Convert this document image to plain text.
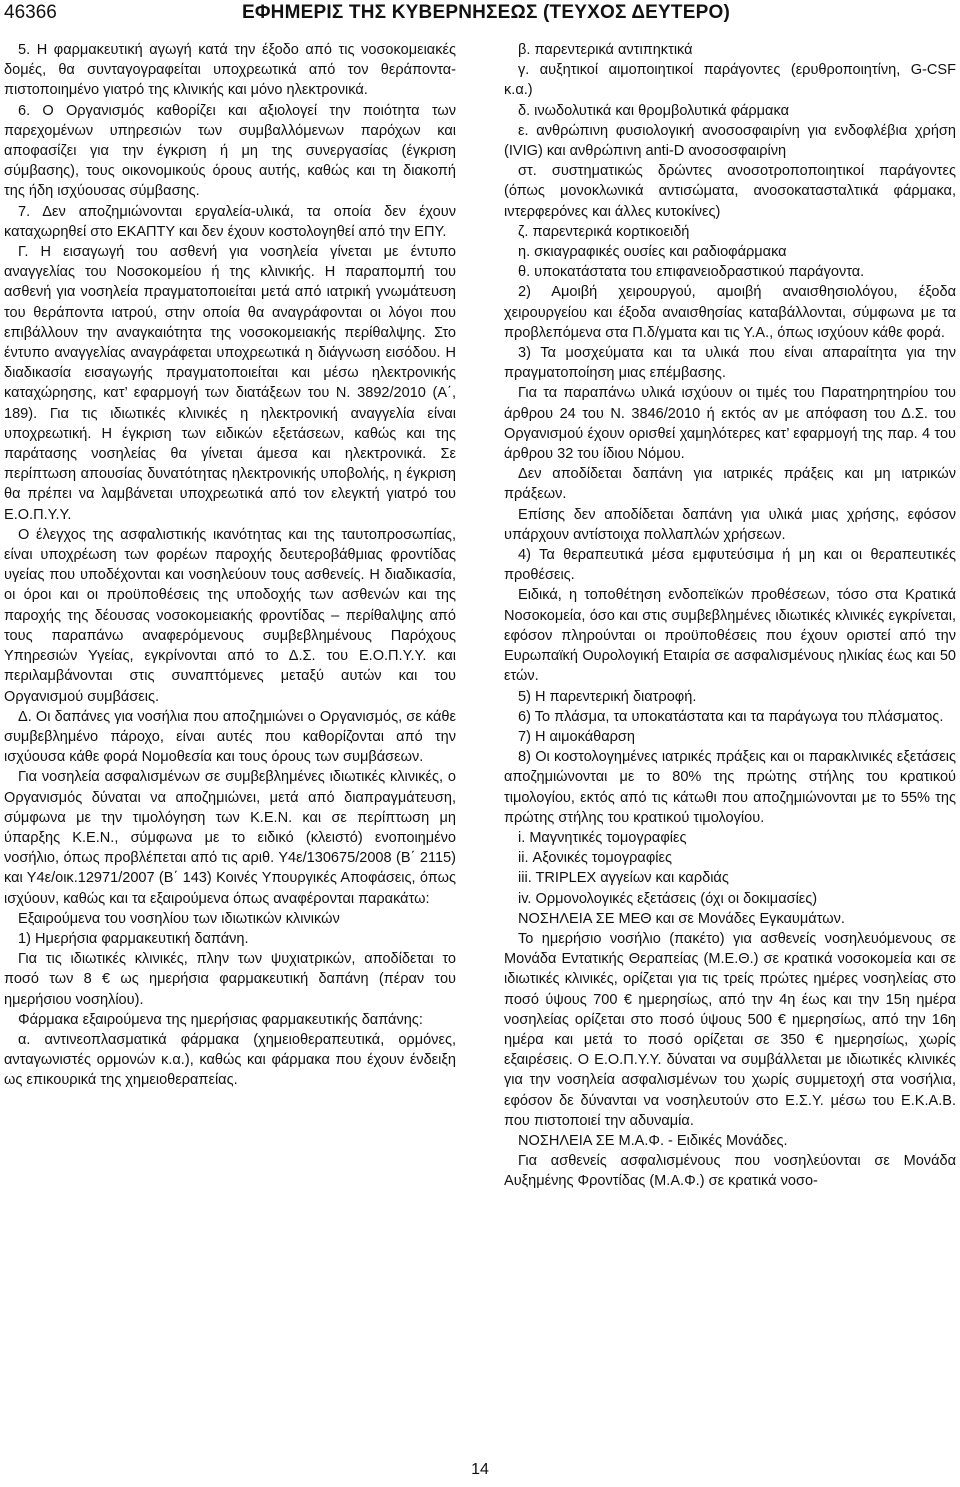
46366	ΕΦΗΜΕΡΙΣ ΤΗΣ ΚΥΒΕΡΝΗΣΕΩΣ (ΤΕΥΧΟΣ ΔΕΥΤΕΡΟ)

5. Η φαρμακευτική αγωγή κατά την έξοδο από τις νοσοκομειακές δομές, θα συνταγογραφείται υποχρεωτικά από τον θεράποντα-πιστοποιημένο γιατρό της κλινικής και μόνο ηλεκτρονικά.

6. Ο Οργανισμός καθορίζει και αξιολογεί την ποιότητα των παρεχομένων υπηρεσιών των συμβαλλόμενων παρόχων και αποφασίζει για την έγκριση ή μη της συνεργασίας (έγκριση σύμβασης), τους οικονομικούς όρους αυτής, καθώς και τη διακοπή της ήδη ισχύουσας σύμβασης.

7. Δεν αποζημιώνονται εργαλεία-υλικά, τα οποία δεν έχουν καταχωρηθεί στο ΕΚΑΠΤΥ και δεν έχουν κοστολογηθεί από την ΕΠΥ.

Γ. Η εισαγωγή του ασθενή για νοσηλεία γίνεται με έντυπο αναγγελίας του Νοσοκομείου ή της κλινικής. Η παραπομπή του ασθενή για νοσηλεία πραγματοποιείται μετά από ιατρική γνωμάτευση του θεράποντα ιατρού, στην οποία θα αναγράφονται οι λόγοι που επιβάλλουν την αναγκαιότητα της νοσοκομειακής περίθαλψης. Στο έντυπο αναγγελίας αναγράφεται υποχρεωτικά η διάγνωση εισόδου. Η διαδικασία εισαγωγής πραγματοποιείται και μέσω ηλεκτρονικής καταχώρησης, κατ’ εφαρμογή των διατάξεων του Ν. 3892/2010 (Α΄, 189). Για τις ιδιωτικές κλινικές η ηλεκτρονική αναγγελία είναι υποχρεωτική. Η έγκριση των ειδικών εξετάσεων, καθώς και της παράτασης νοσηλείας θα γίνεται άμεσα και ηλεκτρονικά. Σε περίπτωση απουσίας δυνατότητας ηλεκτρονικής υποβολής, η έγκριση θα πρέπει να λαμβάνεται υποχρεωτικά από τον ελεγκτή γιατρό του Ε.Ο.Π.Υ.Υ.

Ο έλεγχος της ασφαλιστικής ικανότητας και της ταυτοπροσωπίας, είναι υποχρέωση των φορέων παροχής δευτεροβάθμιας φροντίδας υγείας που υποδέχονται και νοσηλεύουν τους ασθενείς. Η διαδικασία, οι όροι και οι προϋποθέσεις της υποδοχής των ασθενών και της παροχής της δέουσας νοσοκομειακής φροντίδας – περίθαλψης από τους παραπάνω αναφερόμενους συμβεβλημένους Παρόχους Υπηρεσιών Υγείας, εγκρίνονται από το Δ.Σ. του Ε.Ο.Π.Υ.Υ. και περιλαμβάνονται στις συναπτόμενες μεταξύ αυτών και του Οργανισμού συμβάσεις.

Δ. Οι δαπάνες για νοσήλια που αποζημιώνει ο Οργανισμός, σε κάθε συμβεβλημένο πάροχο, είναι αυτές που καθορίζονται από την ισχύουσα κάθε φορά Νομοθεσία και τους όρους των συμβάσεων.

Για νοσηλεία ασφαλισμένων σε συμβεβλημένες ιδιωτικές κλινικές, ο Οργανισμός δύναται να αποζημιώνει, μετά από διαπραγμάτευση, σύμφωνα με την τιμολόγηση των Κ.Ε.Ν. και σε περίπτωση μη ύπαρξης Κ.Ε.Ν., σύμφωνα με το ειδικό (κλειστό) ενοποιημένο νοσήλιο, όπως προβλέπεται από τις αριθ. Υ4ε/130675/2008 (Β΄ 2115) και Υ4ε/οικ.12971/2007 (Β΄ 143) Κοινές Υπουργικές Αποφάσεις, όπως ισχύουν, καθώς και τα εξαιρούμενα όπως αναφέρονται παρακάτω:

Εξαιρούμενα του νοσηλίου των ιδιωτικών κλινικών

1) Ημερήσια φαρμακευτική δαπάνη.

Για τις ιδιωτικές κλινικές, πλην των ψυχιατρικών, αποδίδεται το ποσό των 8 € ως ημερήσια φαρμακευτική δαπάνη (πέραν του ημερήσιου νοσηλίου).

Φάρμακα εξαιρούμενα της ημερήσιας φαρμακευτικής δαπάνης:

α. αντινεοπλασματικά φάρμακα (χημειοθεραπευτικά, ορμόνες, ανταγωνιστές ορμονών κ.α.), καθώς και φάρμακα που έχουν ένδειξη ως επικουρικά της χημειοθεραπείας.

β. παρεντερικά αντιπηκτικά

γ. αυξητικοί αιμοποιητικοί παράγοντες (ερυθροποιητίνη, G-CSF κ.α.)

δ. ινωδολυτικά και θρομβολυτικά φάρμακα

ε. ανθρώπινη φυσιολογική ανοσοσφαιρίνη για ενδοφλέβια χρήση (IVIG) και ανθρώπινη anti-D ανοσοσφαιρίνη

στ. συστηματικώς δρώντες ανοσοτροποποιητικοί παράγοντες (όπως μονοκλωνικά αντισώματα, ανοσοκατασταλτικά φάρμακα, ιντερφερόνες και άλλες κυτοκίνες)

ζ. παρεντερικά κορτικοειδή

η. σκιαγραφικές ουσίες και ραδιοφάρμακα

θ. υποκατάστατα του επιφανειοδραστικού παράγοντα.

2) Αμοιβή χειρουργού, αμοιβή αναισθησιολόγου, έξοδα χειρουργείου και έξοδα αναισθησίας καταβάλλονται, σύμφωνα με τα προβλεπόμενα στα Π.δ/γματα και τις Υ.Α., όπως ισχύουν κάθε φορά.

3) Τα μοσχεύματα και τα υλικά που είναι απαραίτητα για την πραγματοποίηση μιας επέμβασης.

Για τα παραπάνω υλικά ισχύουν οι τιμές του Παρατηρητηρίου του άρθρου 24 του Ν. 3846/2010 ή εκτός αν με απόφαση του Δ.Σ. του Οργανισμού έχουν ορισθεί χαμηλότερες κατ’ εφαρμογή της παρ. 4 του άρθρου 32 του ίδιου Νόμου.

Δεν αποδίδεται δαπάνη για ιατρικές πράξεις και μη ιατρικών πράξεων.

Επίσης δεν αποδίδεται δαπάνη για υλικά μιας χρήσης, εφόσον υπάρχουν αντίστοιχα πολλαπλών χρήσεων.

4) Τα θεραπευτικά μέσα εμφυτεύσιμα ή μη και οι θεραπευτικές προθέσεις.

Ειδικά, η τοποθέτηση ενδοπεϊκών προθέσεων, τόσο στα Κρατικά Νοσοκομεία, όσο και στις συμβεβλημένες ιδιωτικές κλινικές εγκρίνεται, εφόσον πληρούνται οι προϋποθέσεις που έχουν οριστεί από την Ευρωπαϊκή Ουρολογική Εταιρία σε ασφαλισμένους ηλικίας έως και 50 ετών.

5) Η παρεντερική διατροφή.

6) Το πλάσμα, τα υποκατάστατα και τα παράγωγα του πλάσματος.

7) Η αιμοκάθαρση

8) Οι κοστολογημένες ιατρικές πράξεις και οι παρακλινικές εξετάσεις αποζημιώνονται με το 80% της πρώτης στήλης του κρατικού τιμολογίου, εκτός από τις κάτωθι που αποζημιώνονται με το 55% της πρώτης στήλης του κρατικού τιμολογίου.

i. Μαγνητικές τομογραφίες

ii. Αξονικές τομογραφίες

iii. TRIPLEX αγγείων και καρδιάς

iv. Ορμονολογικές εξετάσεις (όχι οι δοκιμασίες)

ΝΟΣΗΛΕΙΑ ΣΕ ΜΕΘ και σε Μονάδες Εγκαυμάτων.

Το ημερήσιο νοσήλιο (πακέτο) για ασθενείς νοσηλευόμενους σε Μονάδα Εντατικής Θεραπείας (Μ.Ε.Θ.) σε κρατικά νοσοκομεία και σε ιδιωτικές κλινικές, ορίζεται για τις τρείς πρώτες ημέρες νοσηλείας στο ποσό ύψους 700 € ημερησίως, από την 4η έως και την 15η ημέρα νοσηλείας ορίζεται στο ποσό ύψους 500 € ημερησίως, από την 16η ημέρα και μετά το ποσό ορίζεται σε 350 € ημερησίως, χωρίς εξαιρέσεις. Ο Ε.Ο.Π.Υ.Υ. δύναται να συμβάλλεται με ιδιωτικές κλινικές για την νοσηλεία ασφαλισμένων του χωρίς συμμετοχή στα νοσήλια, εφόσον δε δύνανται να νοσηλευτούν στο Ε.Σ.Υ. μέσω του Ε.Κ.Α.Β. που πιστοποιεί την αδυναμία.

ΝΟΣΗΛΕΙΑ ΣΕ Μ.Α.Φ. - Ειδικές Μονάδες.

Για ασθενείς ασφαλισμένους που νοσηλεύονται σε Μονάδα Αυξημένης Φροντίδας (Μ.Α.Φ.) σε κρατικά νοσο-

14
